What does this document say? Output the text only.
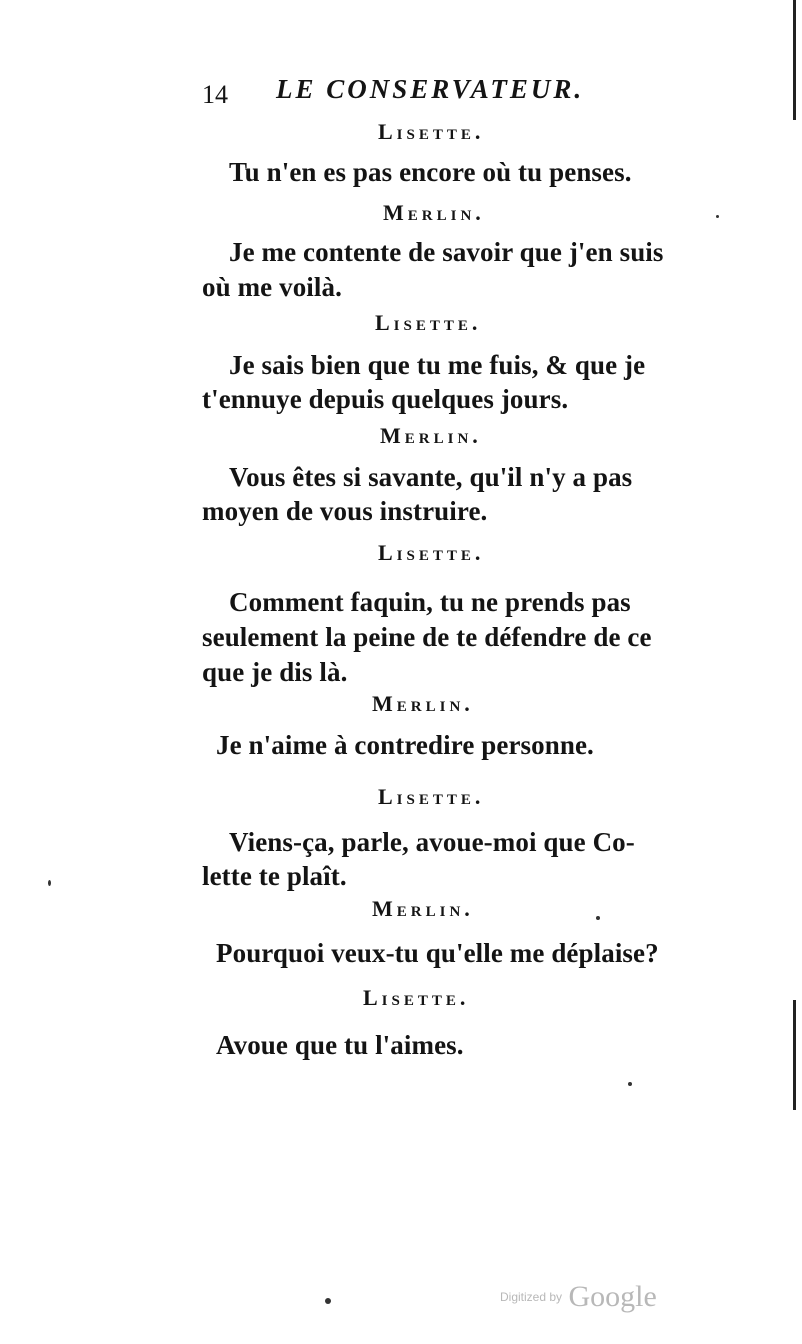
14 LE CONSERVATEUR.
Lisette.
Tu n'en es pas encore où tu penses.
Merlin.
Je me contente de savoir que j'en suis
où me voilà.
Lisette.
Je sais bien que tu me fuis, & que je
t'ennuye depuis quelques jours.
Merlin.
Vous êtes si savante, qu'il n'y a pas
moyen de vous instruire.
Lisette.
Comment faquin, tu ne prends pas
seulement la peine de te défendre de ce
que je dis là.
Merlin.
Je n'aime à contredire personne.
Lisette.
Viens-ça, parle, avoue-moi que Co-
lette te plaît.
Merlin.
Pourquoi veux-tu qu'elle me déplaise?
Lisette.
Avoue que tu l'aimes.
Digitized by Google
